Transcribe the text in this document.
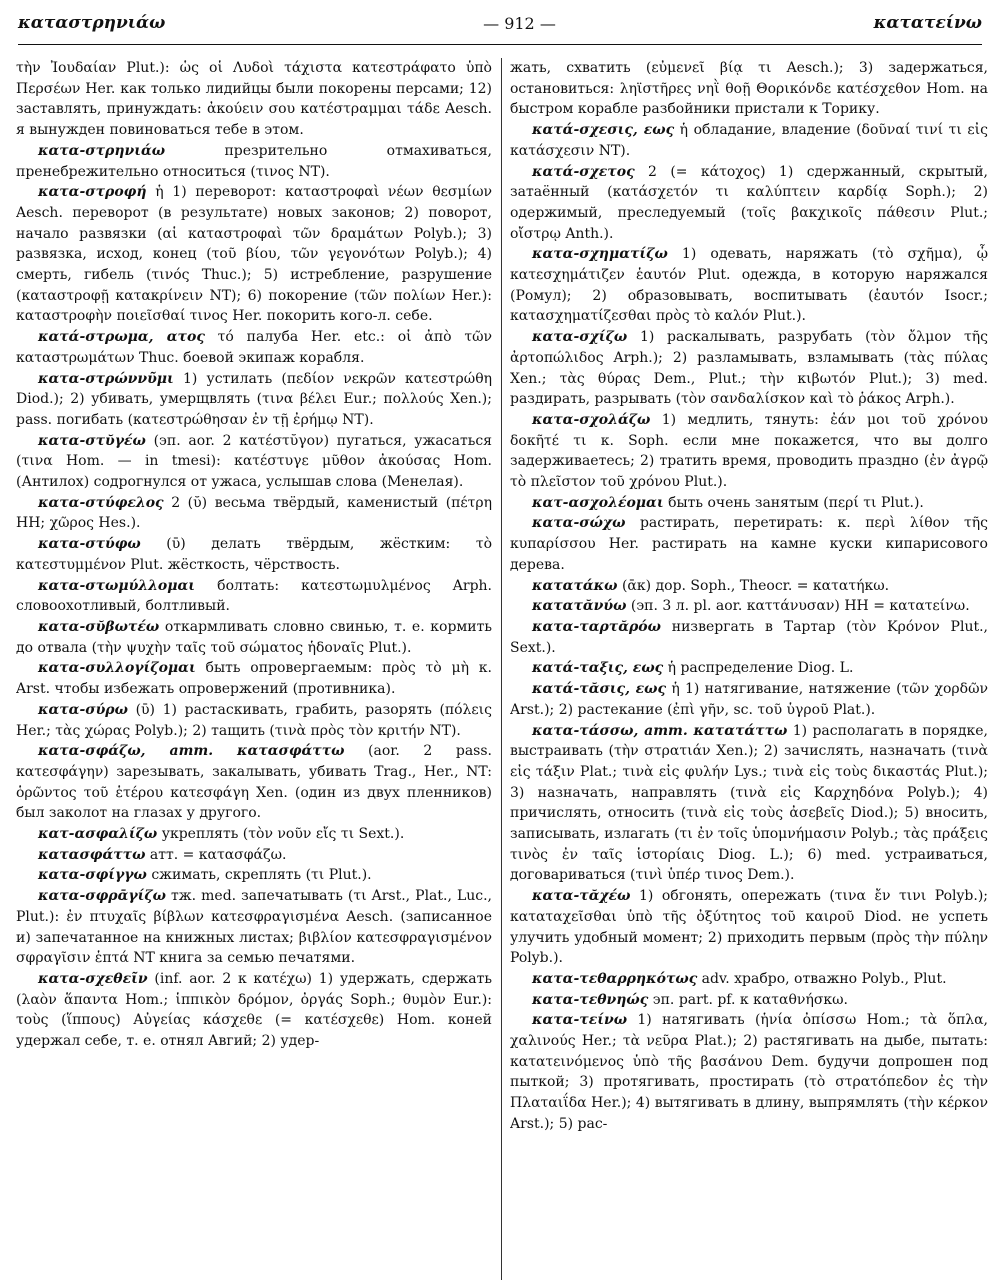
καταστρηνιάω	— 912 —	κατατείνω

τὴν Ἰουδαίαν Plut.): ὡς οἱ Λυδοὶ τάχιστα κατεστράφατο ὑπὸ Περσέων Her. как только лидийцы были покорены персами; 12) заставлять, принуждать: ἀκούειν σου κατέστραμμαι τάδε Aesch. я вынужден повиноваться тебе в этом.

κατα-στρηνιάω	презрительно отмахиваться, пренебрежительно относиться (τινος NT).

κατα-στροφή ἡ 1) переворот: καταστροφαὶ νέων θεσμίων Aesch. переворот (в результате) новых законов; 2) поворот, начало развязки (αἱ καταστροφαὶ τῶν δραμάτων Polyb.); 3) развязка, исход, конец (τοῦ βίου, τῶν γεγονότων Polyb.); 4) смерть, гибель (τινός Thuc.); 5) истребление, разрушение (καταστροφῇ κατακρίνειν NT); 6) покорение (τῶν πολίων Her.): καταστροφὴν ποιεῖσθαί τινος Her. покорить кого-л. себе.

κατά-στρωμα, ατος τό палуба Her. etc.: οἱ ἀπὸ τῶν καταστρωμάτων Thuc. боевой экипаж корабля.

κατα-στρώννῦμι 1) устилать (πεδίον νεκρῶν κατεστρώθη Diod.); 2) убивать, умерщвлять (τινα βέλει Eur.; πολλούς Xen.); pass. погибать (κατεστρώθησαν ἐν τῇ ἐρήμῳ NT).

κατα-στῠγέω (эп. aor. 2 κατέστῠγον) пугаться, ужасаться (τινα Hom. — in tmesi): κατέστυγε μῦθον ἀκούσας Hom. (Антилох) содрогнулся от ужаса, услышав слова (Менелая).

κατα-στύφελος 2 (ῠ) весьма твёрдый, каменистый (πέτρη HH; χῶρος Hes.).

κατα-στύφω (ῡ) делать твёрдым, жёстким: τὸ κατεστυμμένον Plut. жёсткость, чёрствость.

κατα-στωμύλλομαι болтать: κατεστωμυλμένος Arph. словоохотливый, болтливый.

κατα-σῠβωτέω откармливать словно свинью, т. е. кормить до отвала (τὴν ψυχὴν ταῖς τοῦ σώματος ἡδοναῖς Plut.).

κατα-συλλογίζομαι быть опровергаемым: πρὸς τὸ μὴ κ. Arst. чтобы избежать опровержений (противника).

κατα-σύρω (ῡ) 1) растаскивать, грабить, разорять (πόλεις Her.; τὰς χώρας Polyb.); 2) тащить (τινὰ πρὸς τὸν κριτήν NT).

κατα-σφάζω, атт. κατασφάττω (aor. 2 pass. κατεσφάγην) зарезывать, закалывать, убивать Trag., Her., NT: ὁρῶντος τοῦ ἑτέρου κατεσφάγη Xen. (один из двух пленников) был заколот на глазах у другого.

κατ-ασφαλίζω укреплять (τὸν νοῦν εἴς τι Sext.).

κατασφάττω атт. = κατασφάζω.

κατα-σφίγγω сжимать, скреплять (τι Plut.).

κατα-σφρᾱγίζω тж. med. запечатывать (τι Arst., Plat., Luc., Plut.): ἐν πτυχαῖς βίβλων κατεσφραγισμένα Aesch. (записанное и) запечатанное на книжных листах; βιβλίον κατεσφραγισμένον σφραγῖσιν ἑπτά NT книга за семью печатями.

κατα-σχεθεῖν (inf. aor. 2 к κατέχω) 1) удержать, сдержать (λαὸν ἅπαντα Hom.; ἱππικὸν δρόμον, ὀργάς Soph.; θυμὸν Eur.): τοὺς (ἵππους) Αὐγείας κάσχεθε (= κατέσχεθε) Hom. коней удержал себе, т. е. отнял Авгий; 2) удер-

жать, схватить (εὐμενεῖ βίᾳ τι Aesch.); 3) задержаться, остановиться: ληϊστῆρες νηῒ θοῇ Θορικόνδε κατέσχεθον Hom. на быстром корабле разбойники пристали к Торику.

κατά-σχεσις, εως ἡ обладание, владение (δοῦναί τινί τι εἰς κατάσχεσιν NT).

κατά-σχετος 2 (= κάτοχος) 1) сдержанный, скрытый, затаённый (κατάσχετόν τι καλύπτειν καρδίᾳ Soph.); 2) одержимый, преследуемый (τοῖς βακχικοῖς πάθεσιν Plut.; οἴστρῳ Anth.).

κατα-σχηματίζω 1) одевать, наряжать (τὸ σχῆμα), ᾧ κατεσχημάτιζεν ἑαυτόν Plut. одежда, в которую наряжался (Ромул); 2) образовывать, воспитывать (ἑαυτόν Isocr.; κατασχηματίζεσθαι πρὸς τὸ καλόν Plut.).

κατα-σχίζω 1) раскалывать, разрубать (τὸν ὄλμον τῆς ἀρτοπώλιδος Arph.); 2) разламывать, взламывать (τὰς πύλας Xen.; τὰς θύρας Dem., Plut.; τὴν κιβωτόν Plut.); 3) med. раздирать, разрывать (τὸν σανδαλίσκον καὶ τὸ ῥάκος Arph.).

κατα-σχολάζω 1) медлить, тянуть: ἐάν μοι τοῦ χρόνου δοκῆτέ τι κ. Soph. если мне покажется, что вы долго задерживаетесь; 2) тратить время, проводить праздно (ἐν ἀγρῷ τὸ πλεῖστον τοῦ χρόνου Plut.).

κατ-ασχολέομαι быть очень занятым (περί τι Plut.).

κατα-σώχω растирать, перетирать: κ. περὶ λίθον τῆς κυπαρίσσου Her. растирать на камне куски кипарисового дерева.

κατατάκω (ᾱκ) дор. Soph., Theocr. = κατατήκω.

κατατᾰνύω (эп. 3 л. pl. aor. καττάνυσαν) HH = κατατείνω.

κατα-ταρτᾰρόω низвергать в Тартар (τὸν Κρόνον Plut., Sext.).

κατά-ταξις, εως ἡ распределение Diog. L.

κατά-τᾰσις, εως ἡ 1) натягивание, натяжение (τῶν χορδῶν Arst.); 2) растекание (ἐπὶ γῆν, sc. τοῦ ὑγροῦ Plat.).

κατα-τάσσω, атт. κατατάττω 1) располагать в порядке, выстраивать (τὴν στρατιάν Xen.); 2) зачислять, назначать (τινὰ εἰς τάξιν Plat.; τινὰ εἰς φυλήν Lys.; τινὰ εἰς τοὺς δικαστάς Plut.); 3) назначать, направлять (τινὰ εἰς Καρχηδόνα Polyb.); 4) причислять, относить (τινὰ εἰς τοὺς ἀσεβεῖς Diod.); 5) вносить, записывать, излагать (τι ἐν τοῖς ὑπομνήμασιν Polyb.; τὰς πράξεις τινὸς ἐν ταῖς ἱστορίαις Diog. L.); 6) med. устраиваться, договариваться (τινὶ ὑπέρ τινος Dem.).

κατα-τᾰχέω 1) обгонять, опережать (τινα ἔν τινι Polyb.); καταταχεῖσθαι ὑπὸ τῆς ὀξύτητος τοῦ καιροῦ Diod. не успеть улучить удобный момент; 2) приходить первым (πρὸς τὴν πύλην Polyb.).

κατα-τεθαρρηκότως adv. храбро, отважно Polyb., Plut.

κατα-τεθνηώς эп. part. pf. к καταθνήσκω.

κατα-τείνω 1) натягивать (ἡνία ὀπίσσω Hom.; τὰ ὅπλα, χαλινούς Her.; τὰ νεῦρα Plat.); 2) растягивать на дыбе, пытать: κατατεινόμενος ὑπὸ τῆς βασάνου Dem. будучи допрошен под пыткой; 3) протягивать, простирать (τὸ στρατόπεδον ἐς τὴν Πλαταιΐδα Her.); 4) вытягивать в длину, выпрямлять (τὴν κέρκον Arst.); 5) рас-
